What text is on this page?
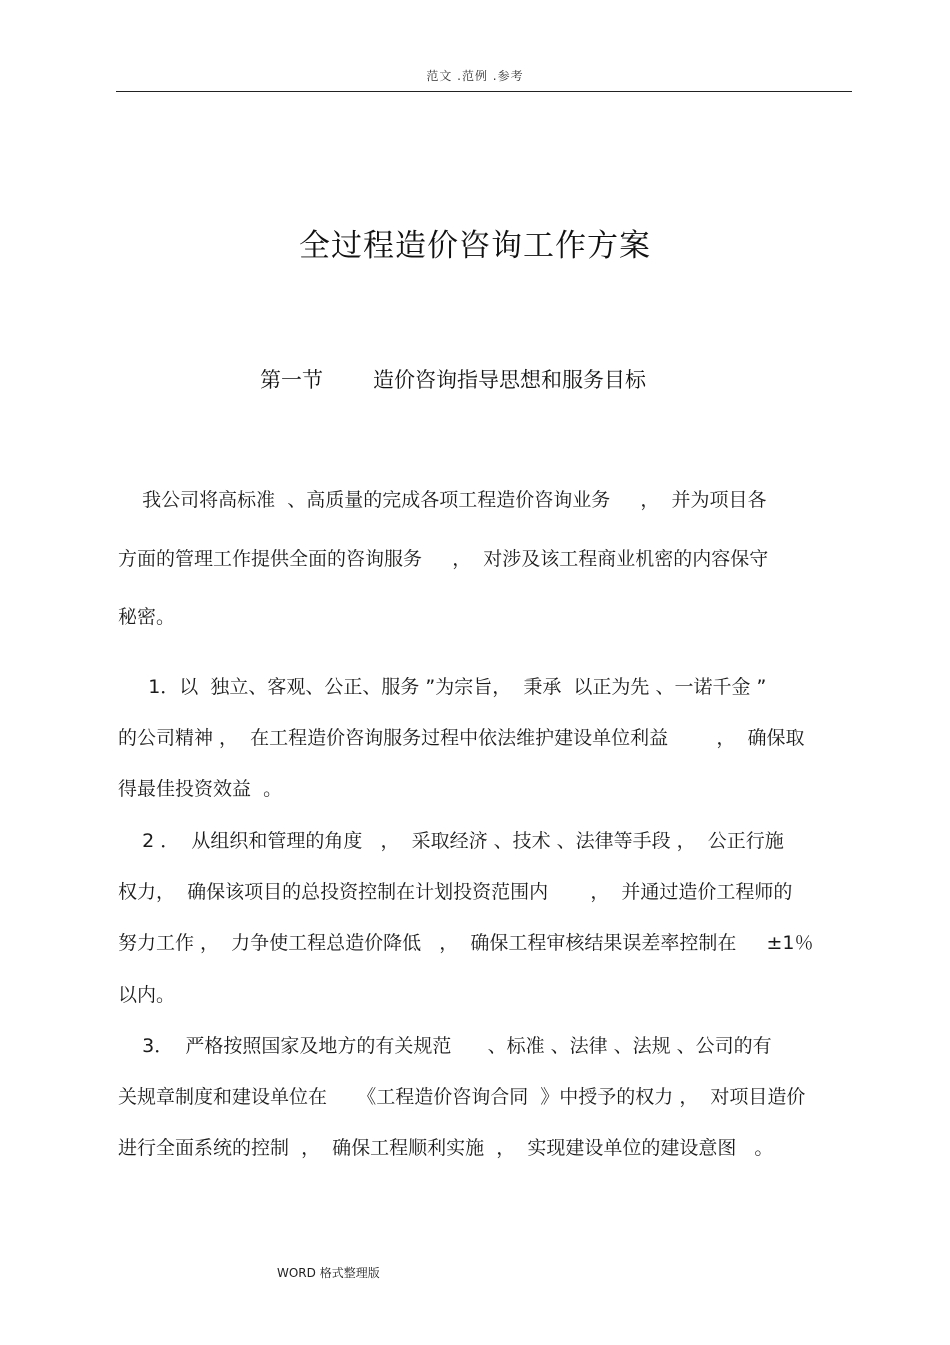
范文 .范例 .参考
全过程造价咨询工作方案
第一节 造价咨询指导思想和服务目标
我公司将高标准  、高质量的完成各项工程造价咨询业务     ，  并为项目各
方面的管理工作提供全面的咨询服务     ，  对涉及该工程商业机密的内容保守
秘密。
1．以  独立、客观、公正、服务 ”为宗旨，  秉承  以正为先 、一诺千金 ”
的公司精神 ，  在工程造价咨询服务过程中依法维护建设单位利益        ，  确保取
得最佳投资效益  。
2 ．  从组织和管理的角度   ，  采取经济 、技术 、法律等手段 ，  公正行施
权力，  确保该项目的总投资控制在计划投资范围内       ，  并通过造价工程师的
努力工作 ，  力争使工程总造价降低   ，  确保工程审核结果误差率控制在     ±1％
以内。
3．  严格按照国家及地方的有关规范      、标准 、法律 、法规 、公司的有
关规章制度和建设单位在     《工程造价咨询合同  》中授予的权力 ，  对项目造价
进行全面系统的控制  ，  确保工程顺利实施  ，  实现建设单位的建设意图   。
WORD 格式整理版
